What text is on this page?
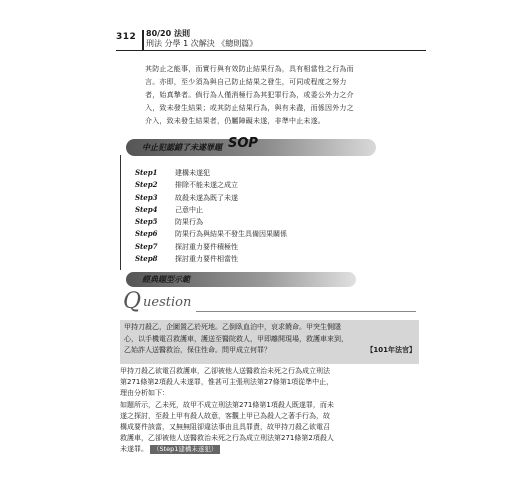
312 80/20 法則
刑法 分學 1 次解決 《總則篇》
其防止之能事，而實行與有效防止結果行為，具有相當性之行為而
言。亦即，至少須為與自己防止結果之發生，可同或程度之努力
者，始真摯者。倘行為人僅消極行為其犯罪行為，或委公外力之介
入，致未發生結果；或其防止結果行為，與有未盡，而係因外力之
介入，致未發生結果者，仍屬障礙未遂，非準中止未遂。
中止犯認錯了未遂罪題 SOP
Step1	建構未遂犯
Step2	排除不能未遂之成立
Step3	故殺未遂為既了未遂
Step4	己意中止
Step5	防果行為
Step6	防果行為與結果不發生具備因果關係
Step7	探討重力要件積極性
Step8	探討重力要件相當性
經典題型示範
Q uestion
甲持刀殺乙，企圖置乙於死地。乙倒臥血泊中，哀求饒命。甲突生惻隱
心，以手機電召救護車，護送至醫院救人，甲即離開現場，救護車來到，
乙始詐人送醫救治，保住性命。問甲成立何罪？	【101年法官】
甲持刀殺乙欲電召救護車，乙卻被他人送醫救治未死之行為成立刑法
第271條第2項殺人未遂罪，惟甚可主張刑法第27條第1項從準中止，
理由分析如下：
如題所示，乙未死，故甲不成立刑法第271條第1項殺人既遂罪，而未
遂之探討，至殺上甲有殺人故意，客觀上甲已為殺人之著手行為，故
構成要件該當，又無無阻卻違法事由且具罪責，故甲持刀殺乙欲電召
救護車，乙卻被他人送醫救治未死之行為成立刑法第271條第2項殺人
未遂罪。 （Step1建構未遂犯）
